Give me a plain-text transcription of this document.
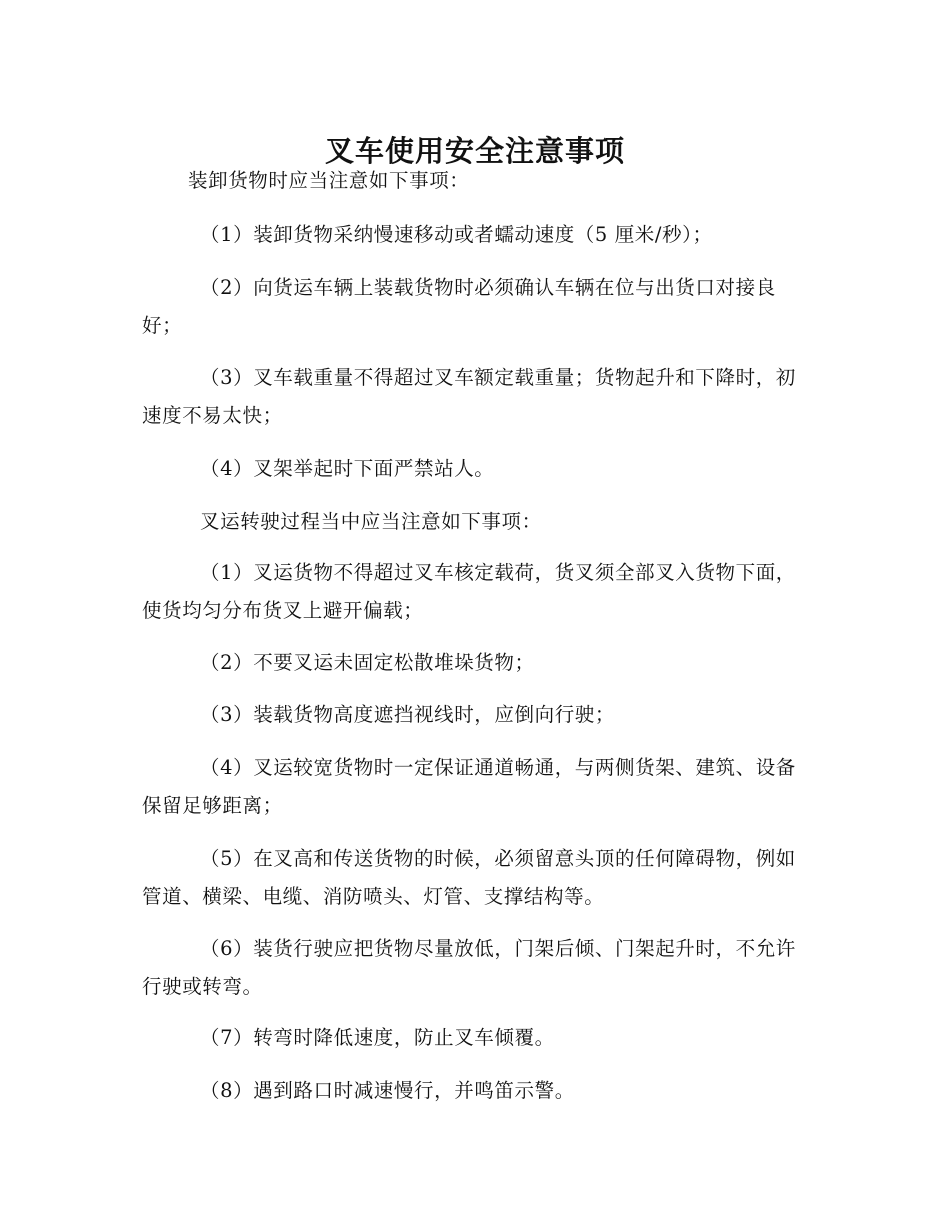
叉车使用安全注意事项

装卸货物时应当注意如下事项：

（1）装卸货物采纳慢速移动或者蠕动速度（5 厘米/秒）；

（2）向货运车辆上装载货物时必须确认车辆在位与出货口对接良好；

（3）叉车载重量不得超过叉车额定载重量；货物起升和下降时，初速度不易太快；

（4）叉架举起时下面严禁站人。

叉运转驶过程当中应当注意如下事项：

（1）叉运货物不得超过叉车核定载荷，货叉须全部叉入货物下面，使货均匀分布货叉上避开偏载；

（2）不要叉运未固定松散堆垛货物；

（3）装载货物高度遮挡视线时，应倒向行驶；

（4）叉运较宽货物时一定保证通道畅通，与两侧货架、建筑、设备保留足够距离；

（5）在叉高和传送货物的时候，必须留意头顶的任何障碍物，例如管道、横梁、电缆、消防喷头、灯管、支撑结构等。

（6）装货行驶应把货物尽量放低，门架后倾、门架起升时，不允许行驶或转弯。

（7）转弯时降低速度，防止叉车倾覆。

（8）遇到路口时减速慢行，并鸣笛示警。
